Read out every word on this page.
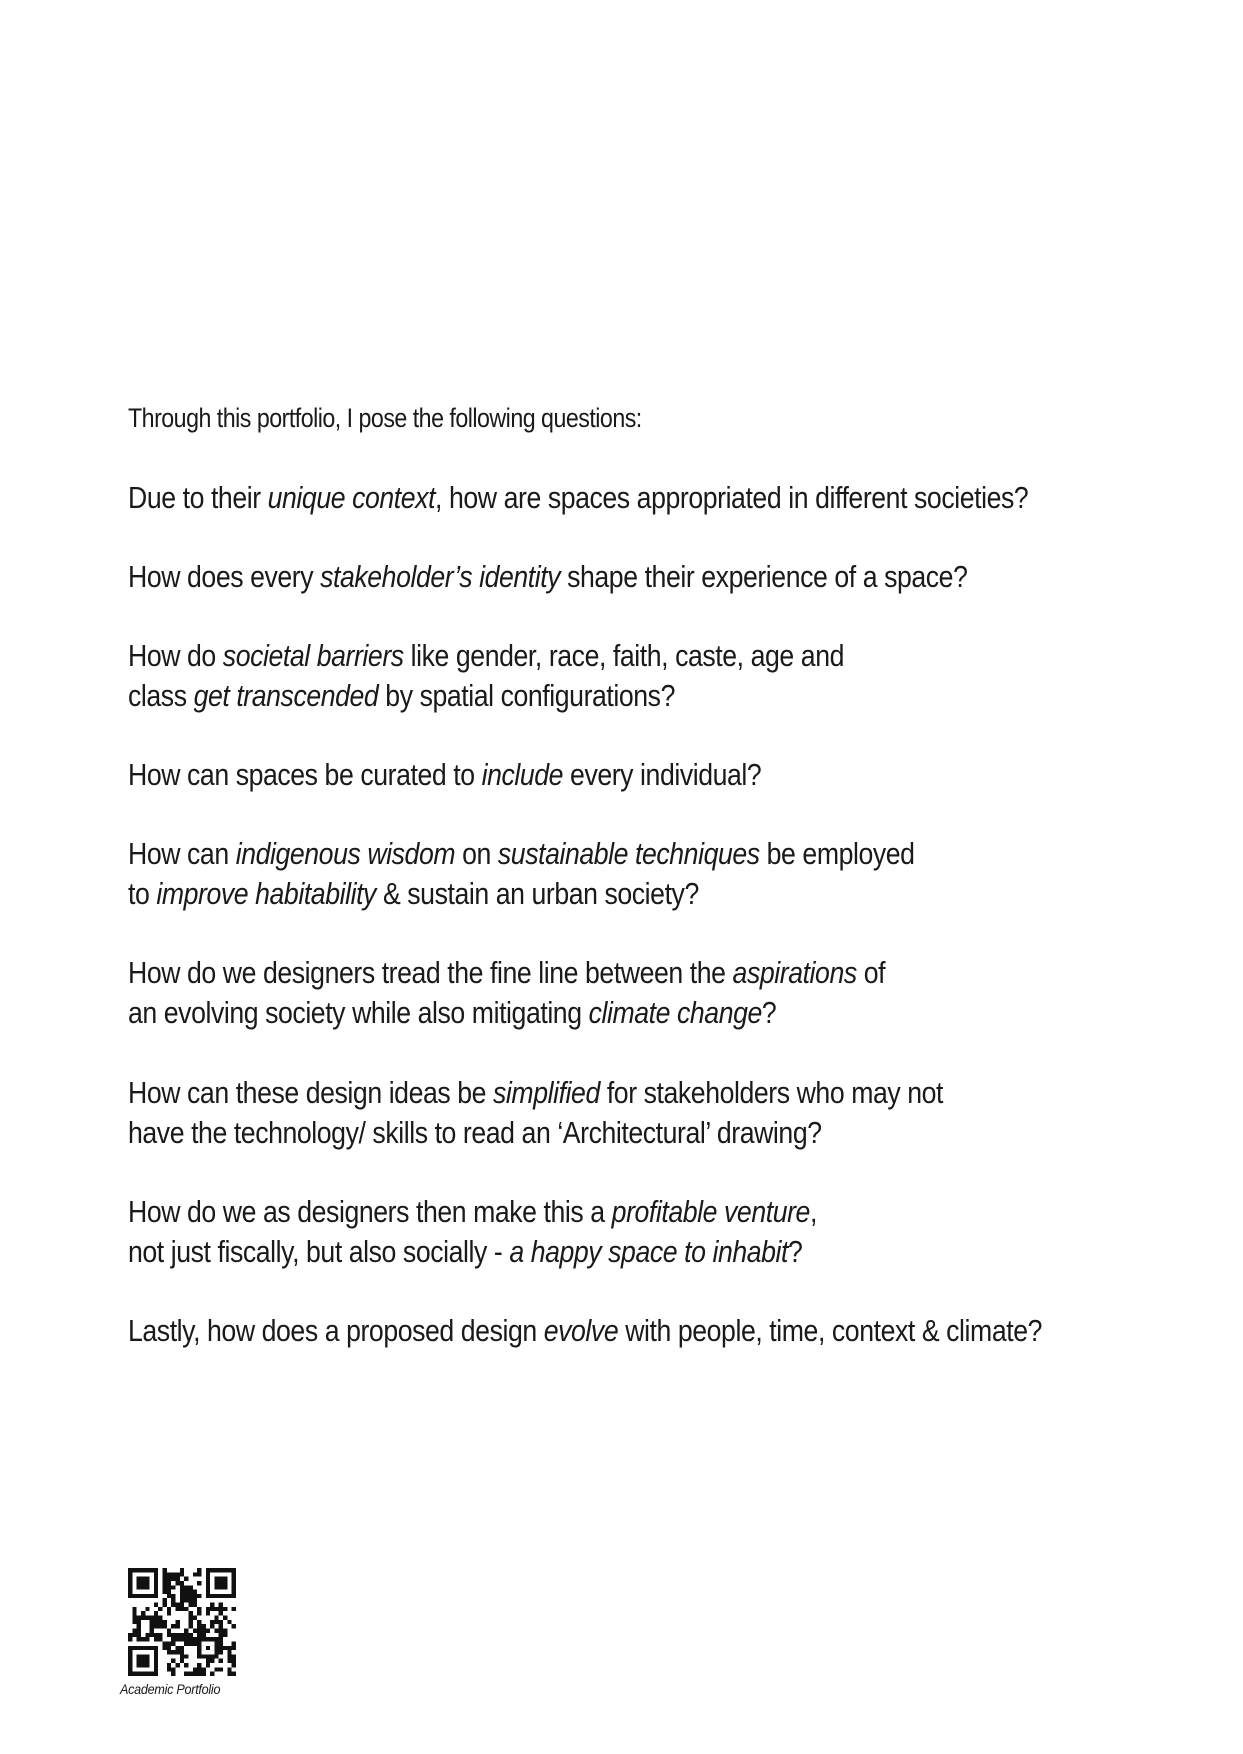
Through this portfolio, I pose the following questions:

Due to their unique context, how are spaces appropriated in different societies?
How does every stakeholder’s identity shape their experience of a space?
How do societal barriers like gender, race, faith, caste, age and
class get transcended by spatial configurations?
How can spaces be curated to include every individual?
How can indigenous wisdom on sustainable techniques be employed
to improve habitability & sustain an urban society?
How do we designers tread the fine line between the aspirations of
an evolving society while also mitigating climate change?
How can these design ideas be simplified for stakeholders who may not
have the technology/ skills to read an ‘Architectural’ drawing?
How do we as designers then make this a profitable venture,
not just fiscally, but also socially - a happy space to inhabit?
Lastly, how does a proposed design evolve with people, time, context & climate?
Academic Portfolio
